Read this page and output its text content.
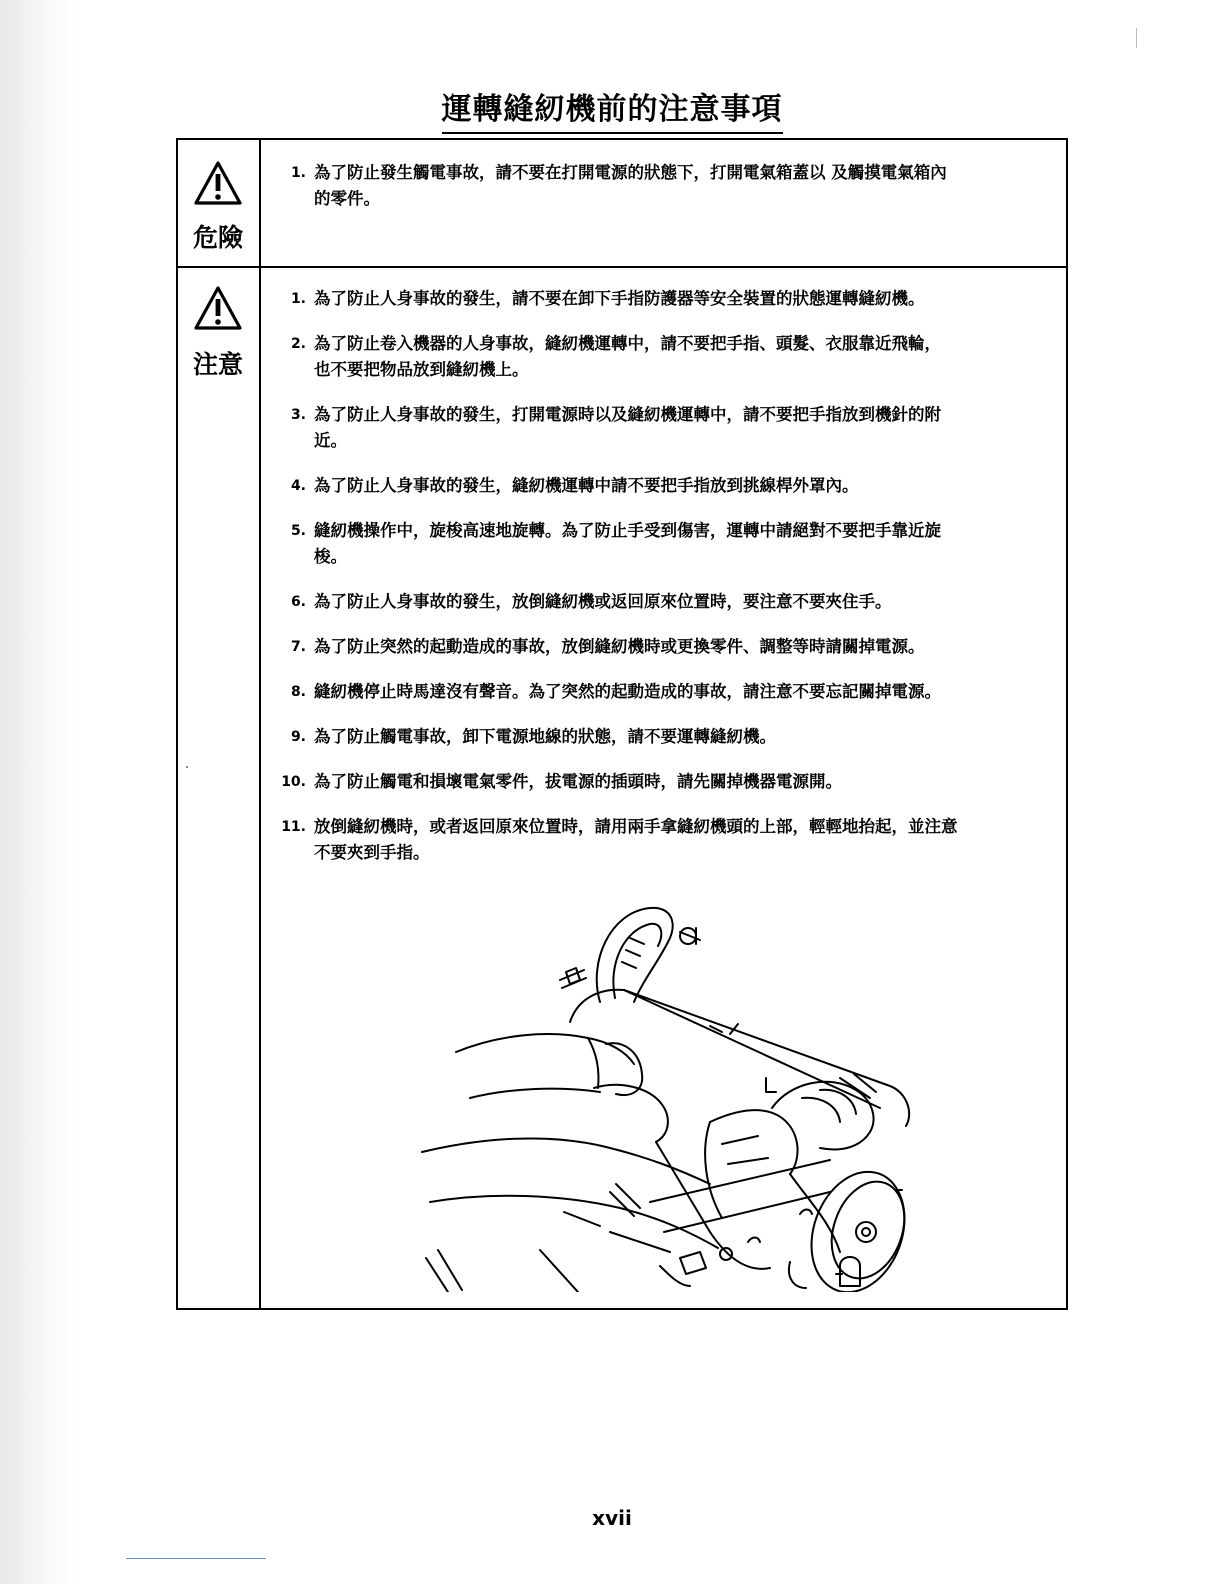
運轉縫紉機前的注意事項
危險
1. 為了防止發生觸電事故，請不要在打開電源的狀態下，打開電氣箱蓋以 及觸摸電氣箱內
的零件。
注意
1. 為了防止人身事故的發生，請不要在卸下手指防護器等安全裝置的狀態運轉縫紉機。
2. 為了防止卷入機器的人身事故，縫紉機運轉中，請不要把手指、頭髮、衣服靠近飛輪，
也不要把物品放到縫紉機上。
3. 為了防止人身事故的發生，打開電源時以及縫紉機運轉中，請不要把手指放到機針的附
近。
4. 為了防止人身事故的發生，縫紉機運轉中請不要把手指放到挑線桿外罩內。
5. 縫紉機操作中，旋梭高速地旋轉。為了防止手受到傷害，運轉中請絕對不要把手靠近旋
梭。
6. 為了防止人身事故的發生，放倒縫紉機或返回原來位置時，要注意不要夾住手。
7. 為了防止突然的起動造成的事故，放倒縫紉機時或更換零件、調整等時請關掉電源。
8. 縫紉機停止時馬達沒有聲音。為了突然的起動造成的事故，請注意不要忘記關掉電源。
9. 為了防止觸電事故，卸下電源地線的狀態，請不要運轉縫紉機。
10. 為了防止觸電和損壞電氣零件，拔電源的插頭時，請先關掉機器電源開。
11. 放倒縫紉機時，或者返回原來位置時，請用兩手拿縫紉機頭的上部，輕輕地抬起，並注意
不要夾到手指。
xvii
